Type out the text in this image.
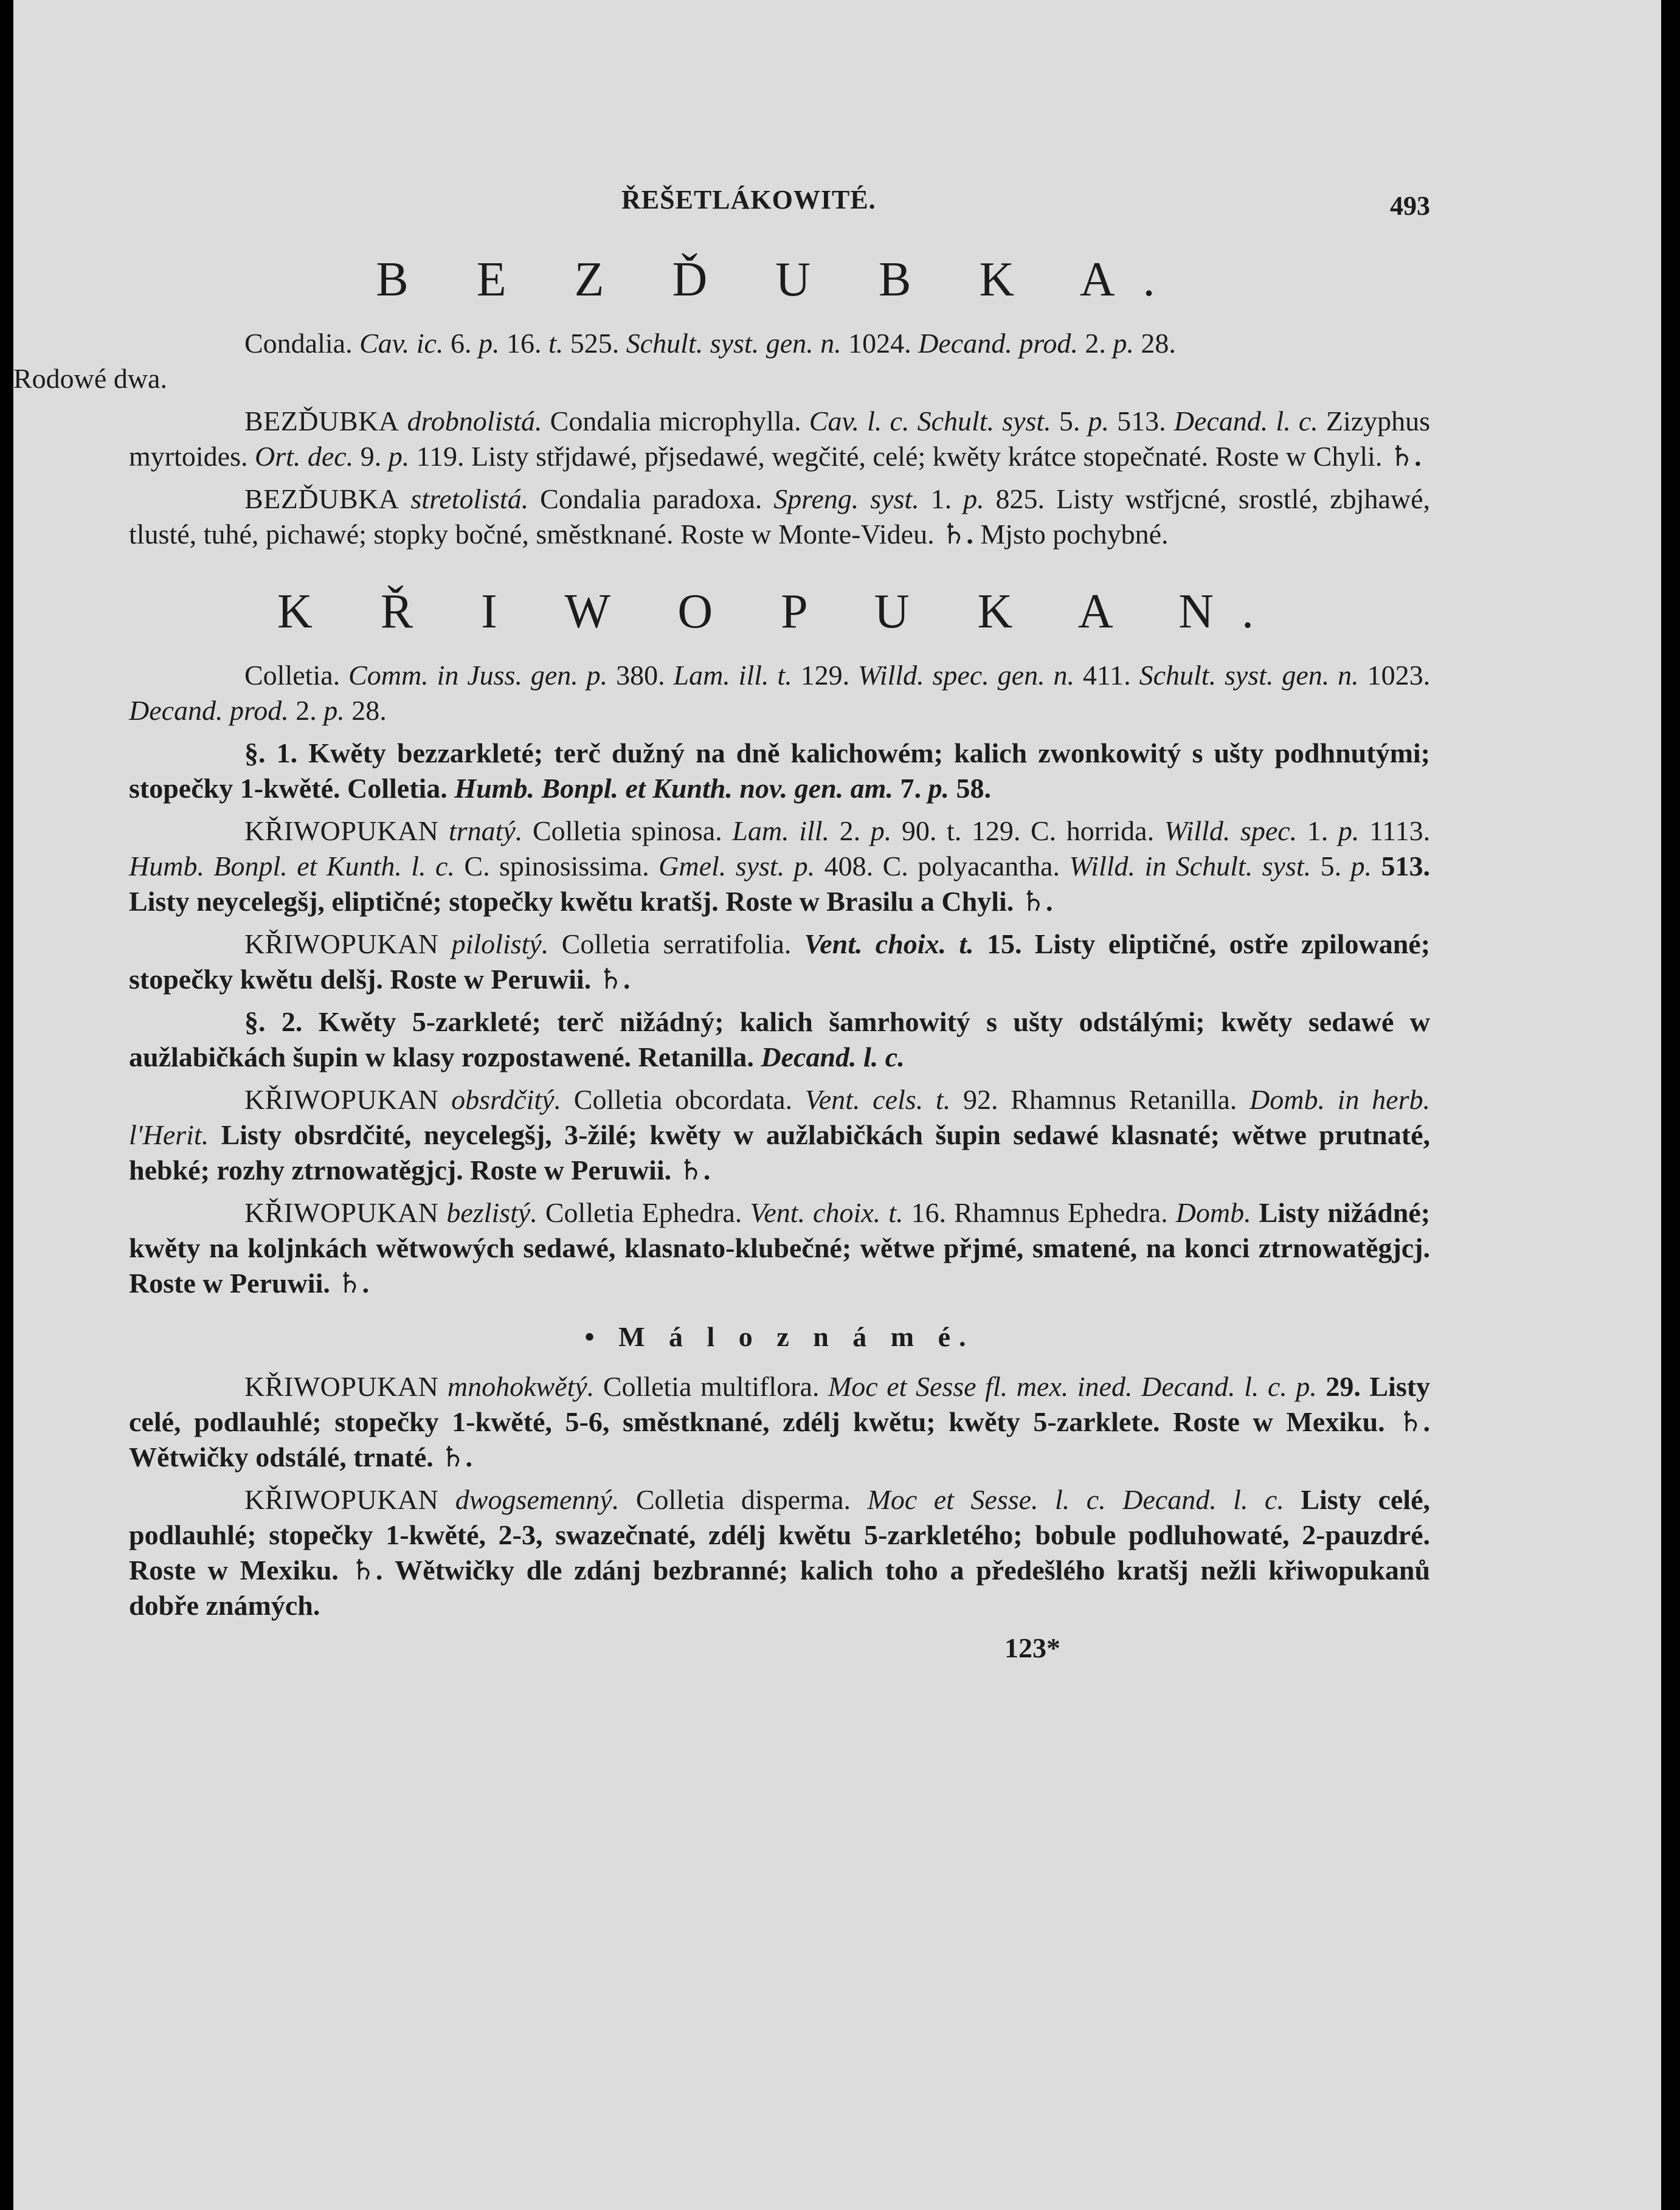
ŘEŠETLÁKOWITÉ.	493
B E Z Ď U B K A.

Condalia. Cav. ic. 6. p. 16. t. 525. Schult. syst. gen. n. 1024. Decand. prod. 2. p. 28.
Rodowé dwa.

BEZĎUBKA drobnolistá. Condalia microphylla. Cav. l. c. Schult. syst. 5. p. 513. Decand. l. c. Zizyphus myrtoides. Ort. dec. 9. p. 119. Listy střjdawé, přjsedawé, wegčité, celé; kwěty krátce stopečnaté. Roste w Chyli. ♄.

BEZĎUBKA stretolistá. Condalia paradoxa. Spreng. syst. 1. p. 825. Listy wstřjcné, srostlé, zbjhawé, tlusté, tuhé, pichawé; stopky bočné, směstknané. Roste w Monte-Videu. ♄. Mjsto pochybné.

K Ř I W O P U K A N.

Colletia. Comm. in Juss. gen. p. 380. Lam. ill. t. 129. Willd. spec. gen. n. 411. Schult. syst. gen. n. 1023. Decand. prod. 2. p. 28.

§. 1. Kwěty bezzarkleté; terč dužný na dně kalichowém; kalich zwonkowitý s ušty podhnutými; stopečky 1-kwěté. Colletia. Humb. Bonpl. et Kunth. nov. gen. am. 7. p. 58.

KŘIWOPUKAN trnatý. Colletia spinosa. Lam. ill. 2. p. 90. t. 129. C. horrida. Willd. spec. 1. p. 1113. Humb. Bonpl. et Kunth. l. c. C. spinosissima. Gmel. syst. p. 408. C. polyacantha. Willd. in Schult. syst. 5. p. 513. Listy neycelegšj, eliptičné; stopečky kwětu kratšj. Roste w Brasilu a Chyli. ♄.

KŘIWOPUKAN pilolistý. Colletia serratifolia. Vent. choix. t. 15. Listy eliptičné, ostře zpilowané; stopečky kwětu delšj. Roste w Peruwii. ♄.

§. 2. Kwěty 5-zarkleté; terč nižádný; kalich šamrhowitý s ušty odstálými; kwěty sedawé w aužlabičkách šupin w klasy rozpostawené. Retanilla. Decand. l. c.

KŘIWOPUKAN obsrdčitý. Colletia obcordata. Vent. cels. t. 92. Rhamnus Retanilla. Domb. in herb. l'Herit. Listy obsrdčité, neycelegšj, 3-žilé; kwěty w aužlabičkách šupin sedawé klasnaté; wětwe prutnaté, hebké; rozhy ztrnowatěgjcj. Roste w Peruwii. ♄.

KŘIWOPUKAN bezlistý. Colletia Ephedra. Vent. choix. t. 16. Rhamnus Ephedra. Domb. Listy nižádné; kwěty na koljnkách wětwowých sedawé, klasnato-klubečné; wětwe přjmé, smatené, na konci ztrnowatěgjcj. Roste w Peruwii. ♄.

• M á l o z n á m é.

KŘIWOPUKAN mnohokwětý. Colletia multiflora. Moc et Sesse fl. mex. ined. Decand. l. c. p. 29. Listy celé, podlauhlé; stopečky 1-kwěté, 5-6, směstknané, zdélj kwětu; kwěty 5-zarklete. Roste w Mexiku. ♄. Wětwičky odstálé, trnaté. ♄.

KŘIWOPUKAN dwogsemenný. Colletia disperma. Moc et Sesse. l. c. Decand. l. c. Listy celé, podlauhlé; stopečky 1-kwěté, 2-3, swazečnaté, zdélj kwětu 5-zarkletého; bobule podluhowaté, 2-pauzdré. Roste w Mexiku. ♄. Wětwičky dle zdánj bezbranné; kalich toho a předešlého kratšj nežli křiwopukanů dobře známých.

123*
